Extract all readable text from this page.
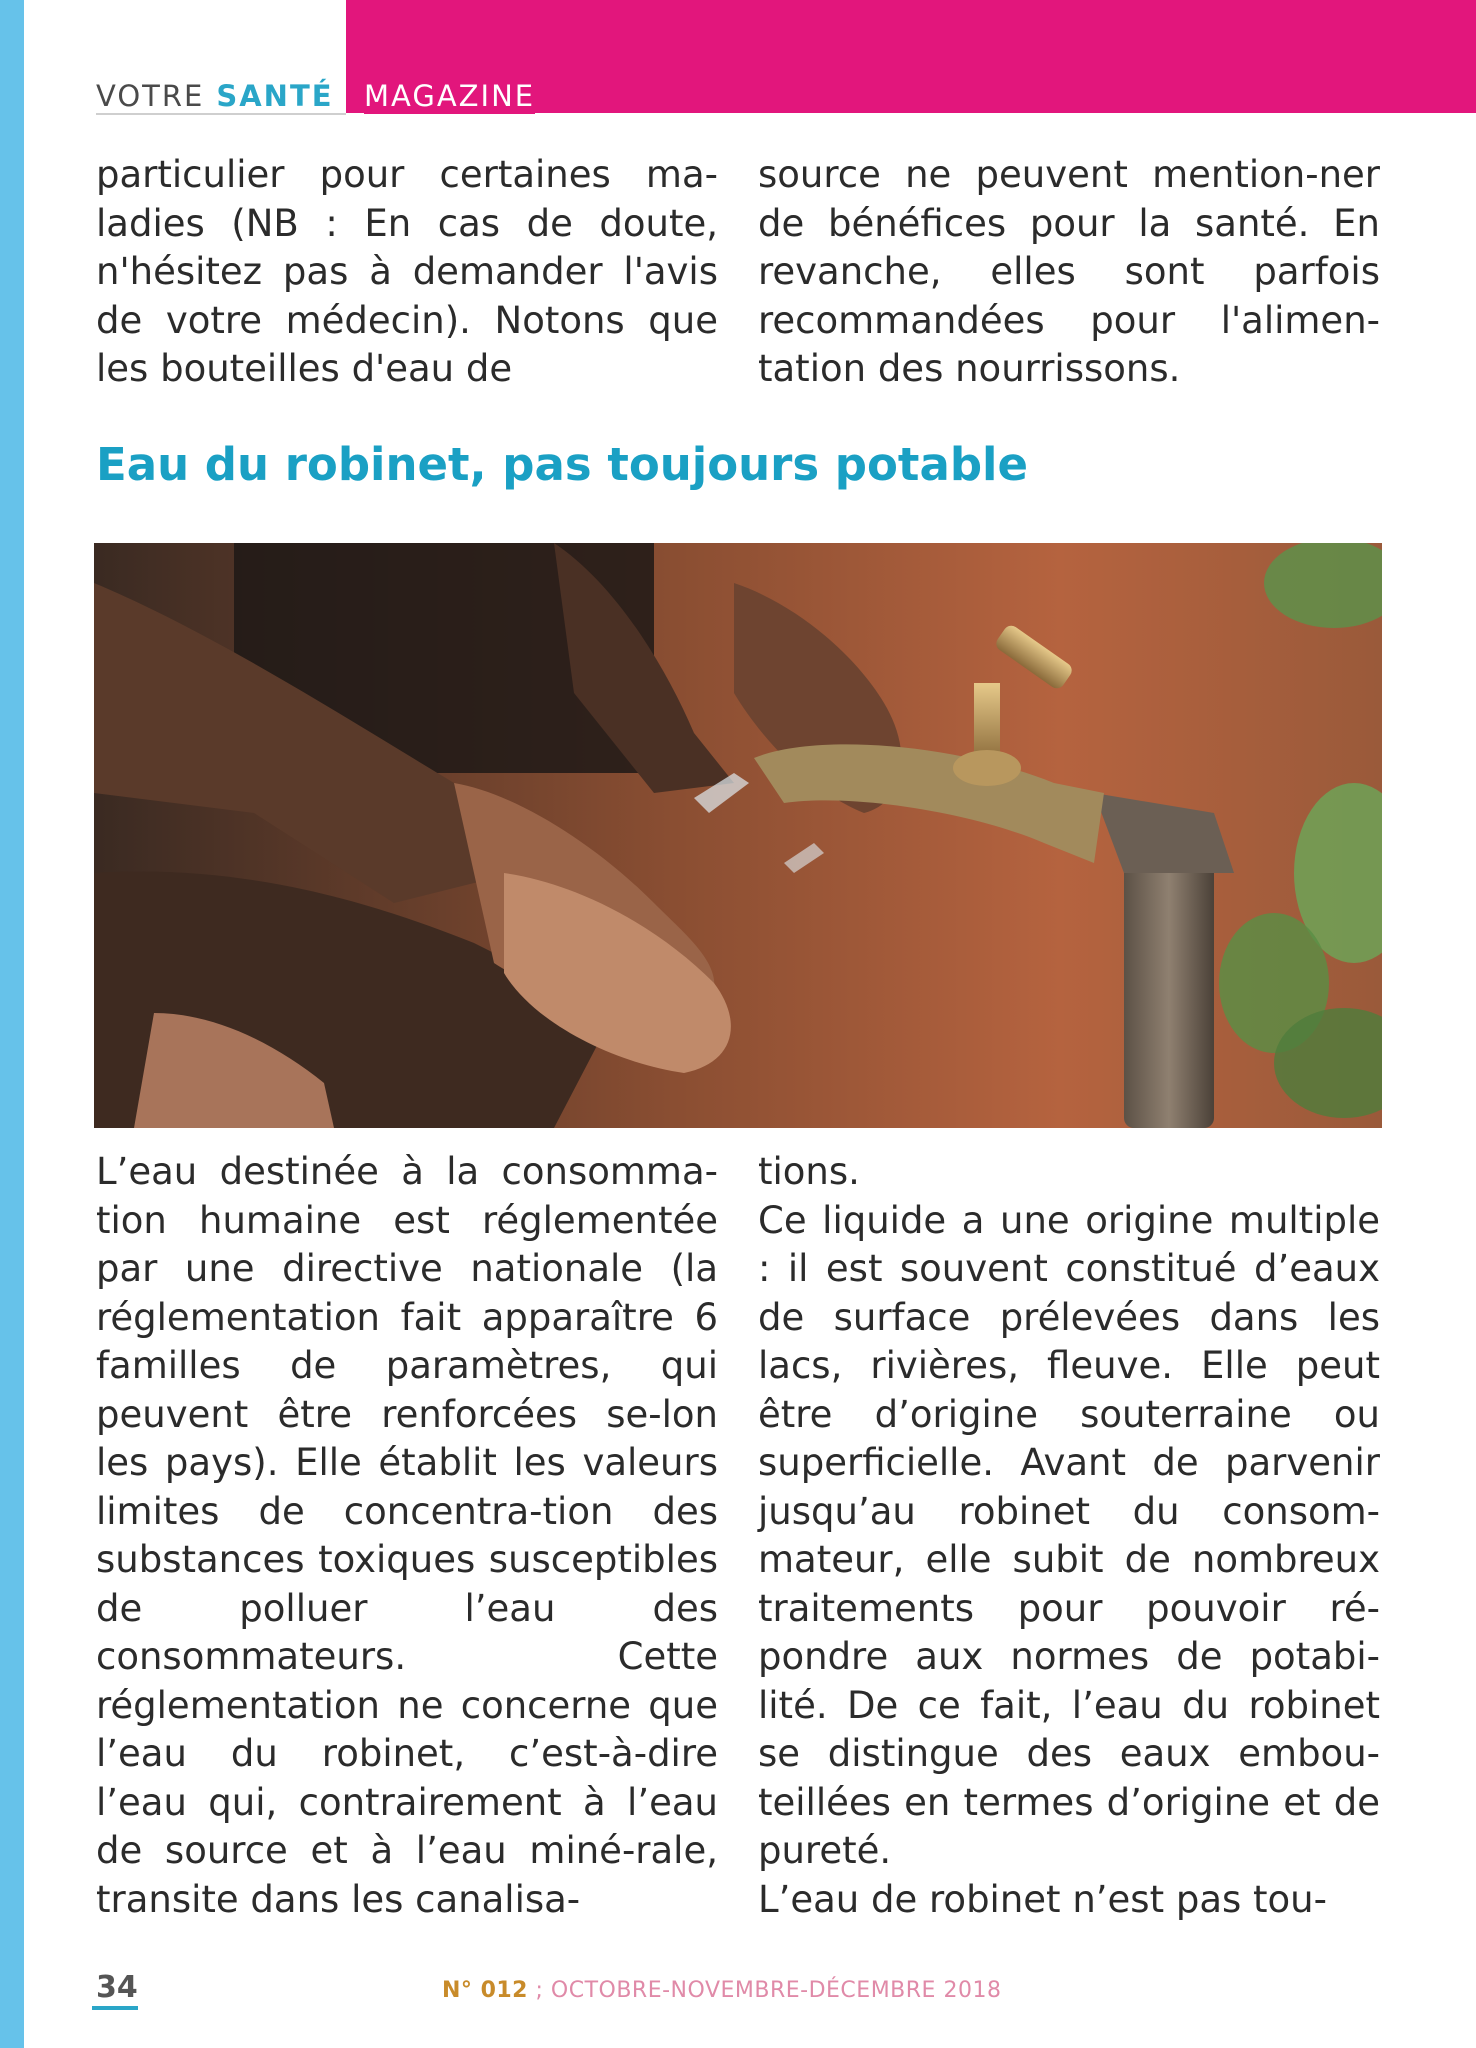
VOTRE SANTÉ MAGAZINE

particulier pour certaines ma-ladies (NB : En cas de doute, n'hésitez pas à demander l'avis de votre médecin). Notons que les bouteilles d'eau de

source ne peuvent mention-ner de bénéfices pour la santé. En revanche, elles sont parfois recommandées pour l'alimen-tation des nourrissons.

Eau du robinet, pas toujours potable

L’eau destinée à la consomma-tion humaine est réglementée par une directive nationale (la réglementation fait apparaître 6 familles de paramètres, qui peuvent être renforcées se-lon les pays). Elle établit les valeurs limites de concentra-tion des substances toxiques susceptibles de polluer l’eau des consommateurs. Cette réglementation ne concerne que l’eau du robinet, c’est-à-dire l’eau qui, contrairement à l’eau de source et à l’eau miné-rale, transite dans les canalisa-

tions.

Ce liquide a une origine multiple : il est souvent constitué d’eaux de surface prélevées dans les lacs, rivières, fleuve. Elle peut être d’origine souterraine ou superficielle. Avant de parvenir jusqu’au robinet du consom-mateur, elle subit de nombreux traitements pour pouvoir ré-pondre aux normes de potabi-lité. De ce fait, l’eau du robinet se distingue des eaux embou-teillées en termes d’origine et de pureté.

L’eau de robinet n’est pas tou-

34	N° 012 ; OCTOBRE-NOVEMBRE-DÉCEMBRE 2018
